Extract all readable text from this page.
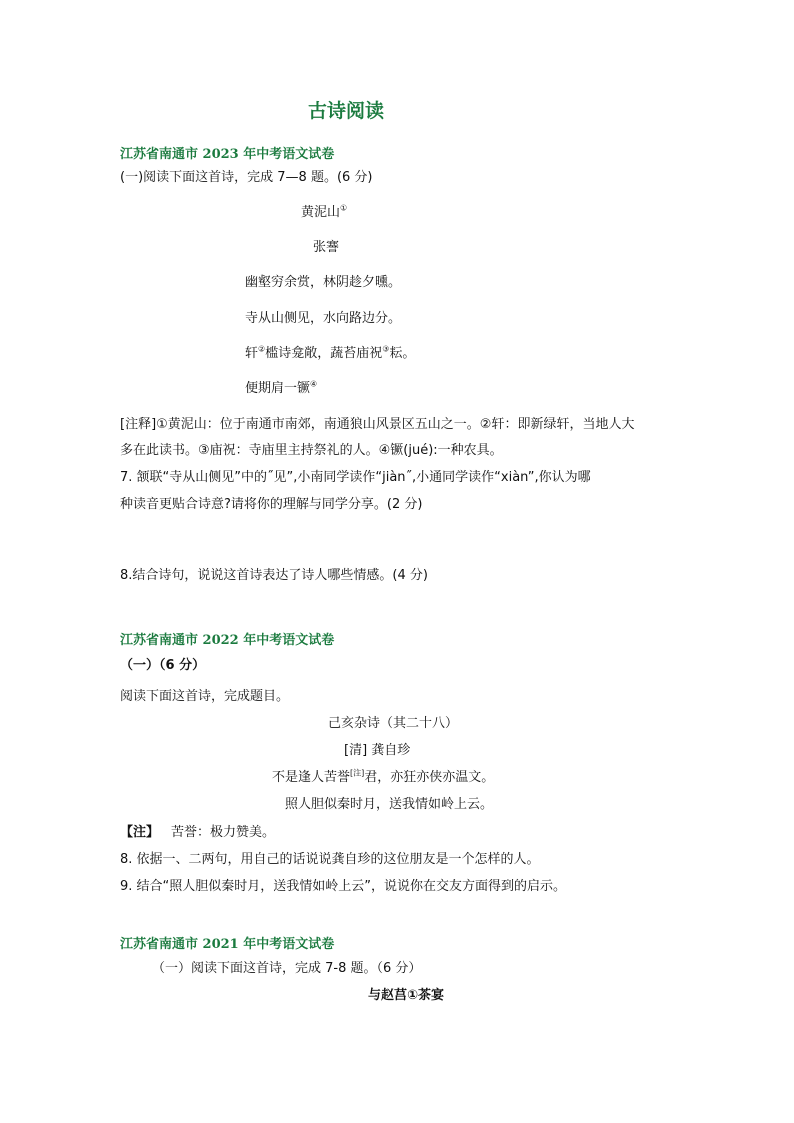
古诗阅读
江苏省南通市 2023 年中考语文试卷
(一)阅读下面这首诗，完成 7—8 题。(6 分)
黄泥山①
张謇
幽壑穷余赏，林阴趁夕曛。
寺从山侧见，水向路边分。
轩②槛诗龛敞，蔬苔庙祝③耘。
便期肩一镢④
[注释]①黄泥山：位于南通市南郊，南通狼山风景区五山之一。②轩：即新绿轩，当地人大
多在此读书。③庙祝：寺庙里主持祭礼的人。④镢(jué):一种农具。
7. 颔联“寺从山侧见”中的˝见”,小南同学读作“jiàn˝,小通同学读作“xiàn”,你认为哪
种读音更贴合诗意?请将你的理解与同学分享。(2 分)
8.结合诗句，说说这首诗表达了诗人哪些情感。(4 分)
江苏省南通市 2022 年中考语文试卷
（一）（6 分）
阅读下面这首诗，完成题目。
己亥杂诗（其二十八）
[清] 龚自珍
不是逢人苦誉[注]君，亦狂亦侠亦温文。
照人胆似秦时月，送我情如岭上云。
【注】 苦誉：极力赞美。
8. 依据一、二两句，用自己的话说说龚自珍的这位朋友是一个怎样的人。
9. 结合“照人胆似秦时月，送我情如岭上云”，说说你在交友方面得到的启示。
江苏省南通市 2021 年中考语文试卷
（一）阅读下面这首诗，完成 7-8 题。（6 分）
与赵莒①茶宴
